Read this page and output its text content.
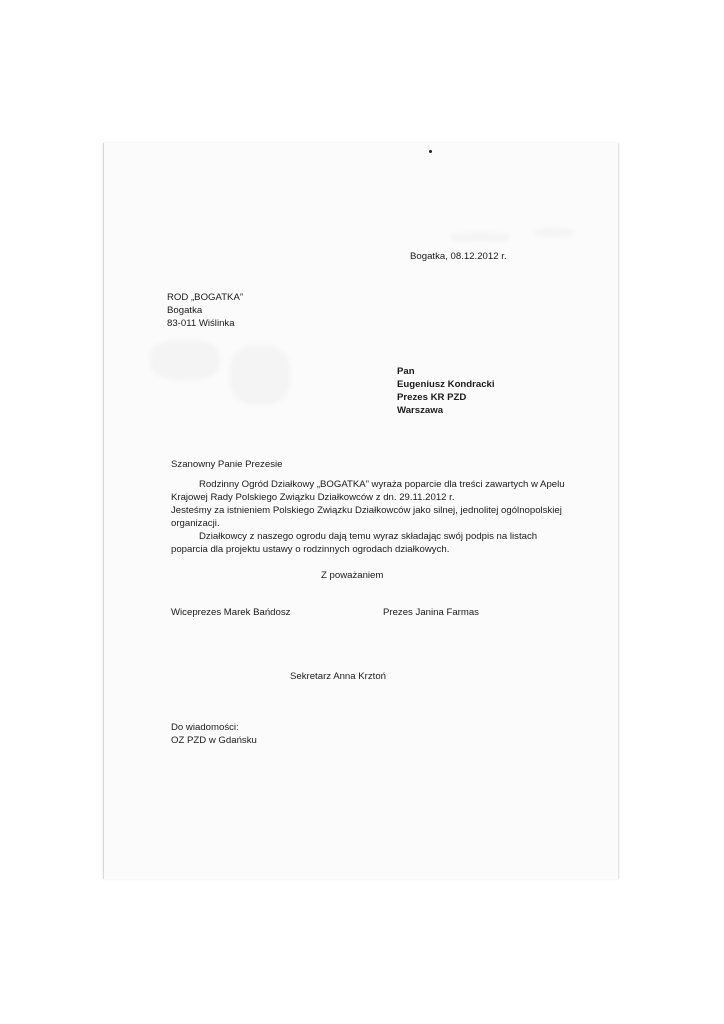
Bogatka, 08.12.2012 r.

ROD „BOGATKA”

Bogatka

83-011 Wiślinka

Pan

Eugeniusz Kondracki

Prezes KR PZD

Warszawa

Szanowny Panie Prezesie

Rodzinny Ogród Działkowy „BOGATKA” wyraża poparcie dla treści zawartych w Apelu

Krajowej Rady Polskiego Związku Działkowców z dn. 29.11.2012 r.

Jesteśmy za istnieniem Polskiego Związku Działkowców jako silnej, jednolitej ogólnopolskiej

organizacji.

Działkowcy z naszego ogrodu dają temu wyraz składając swój podpis na listach

poparcia dla projektu ustawy o rodzinnych ogrodach działkowych.

Z poważaniem

Wiceprezes Marek Bańdosz	Prezes Janina Farmas

Sekretarz Anna Krztoń

Do wiadomości:

OZ PZD w Gdańsku
